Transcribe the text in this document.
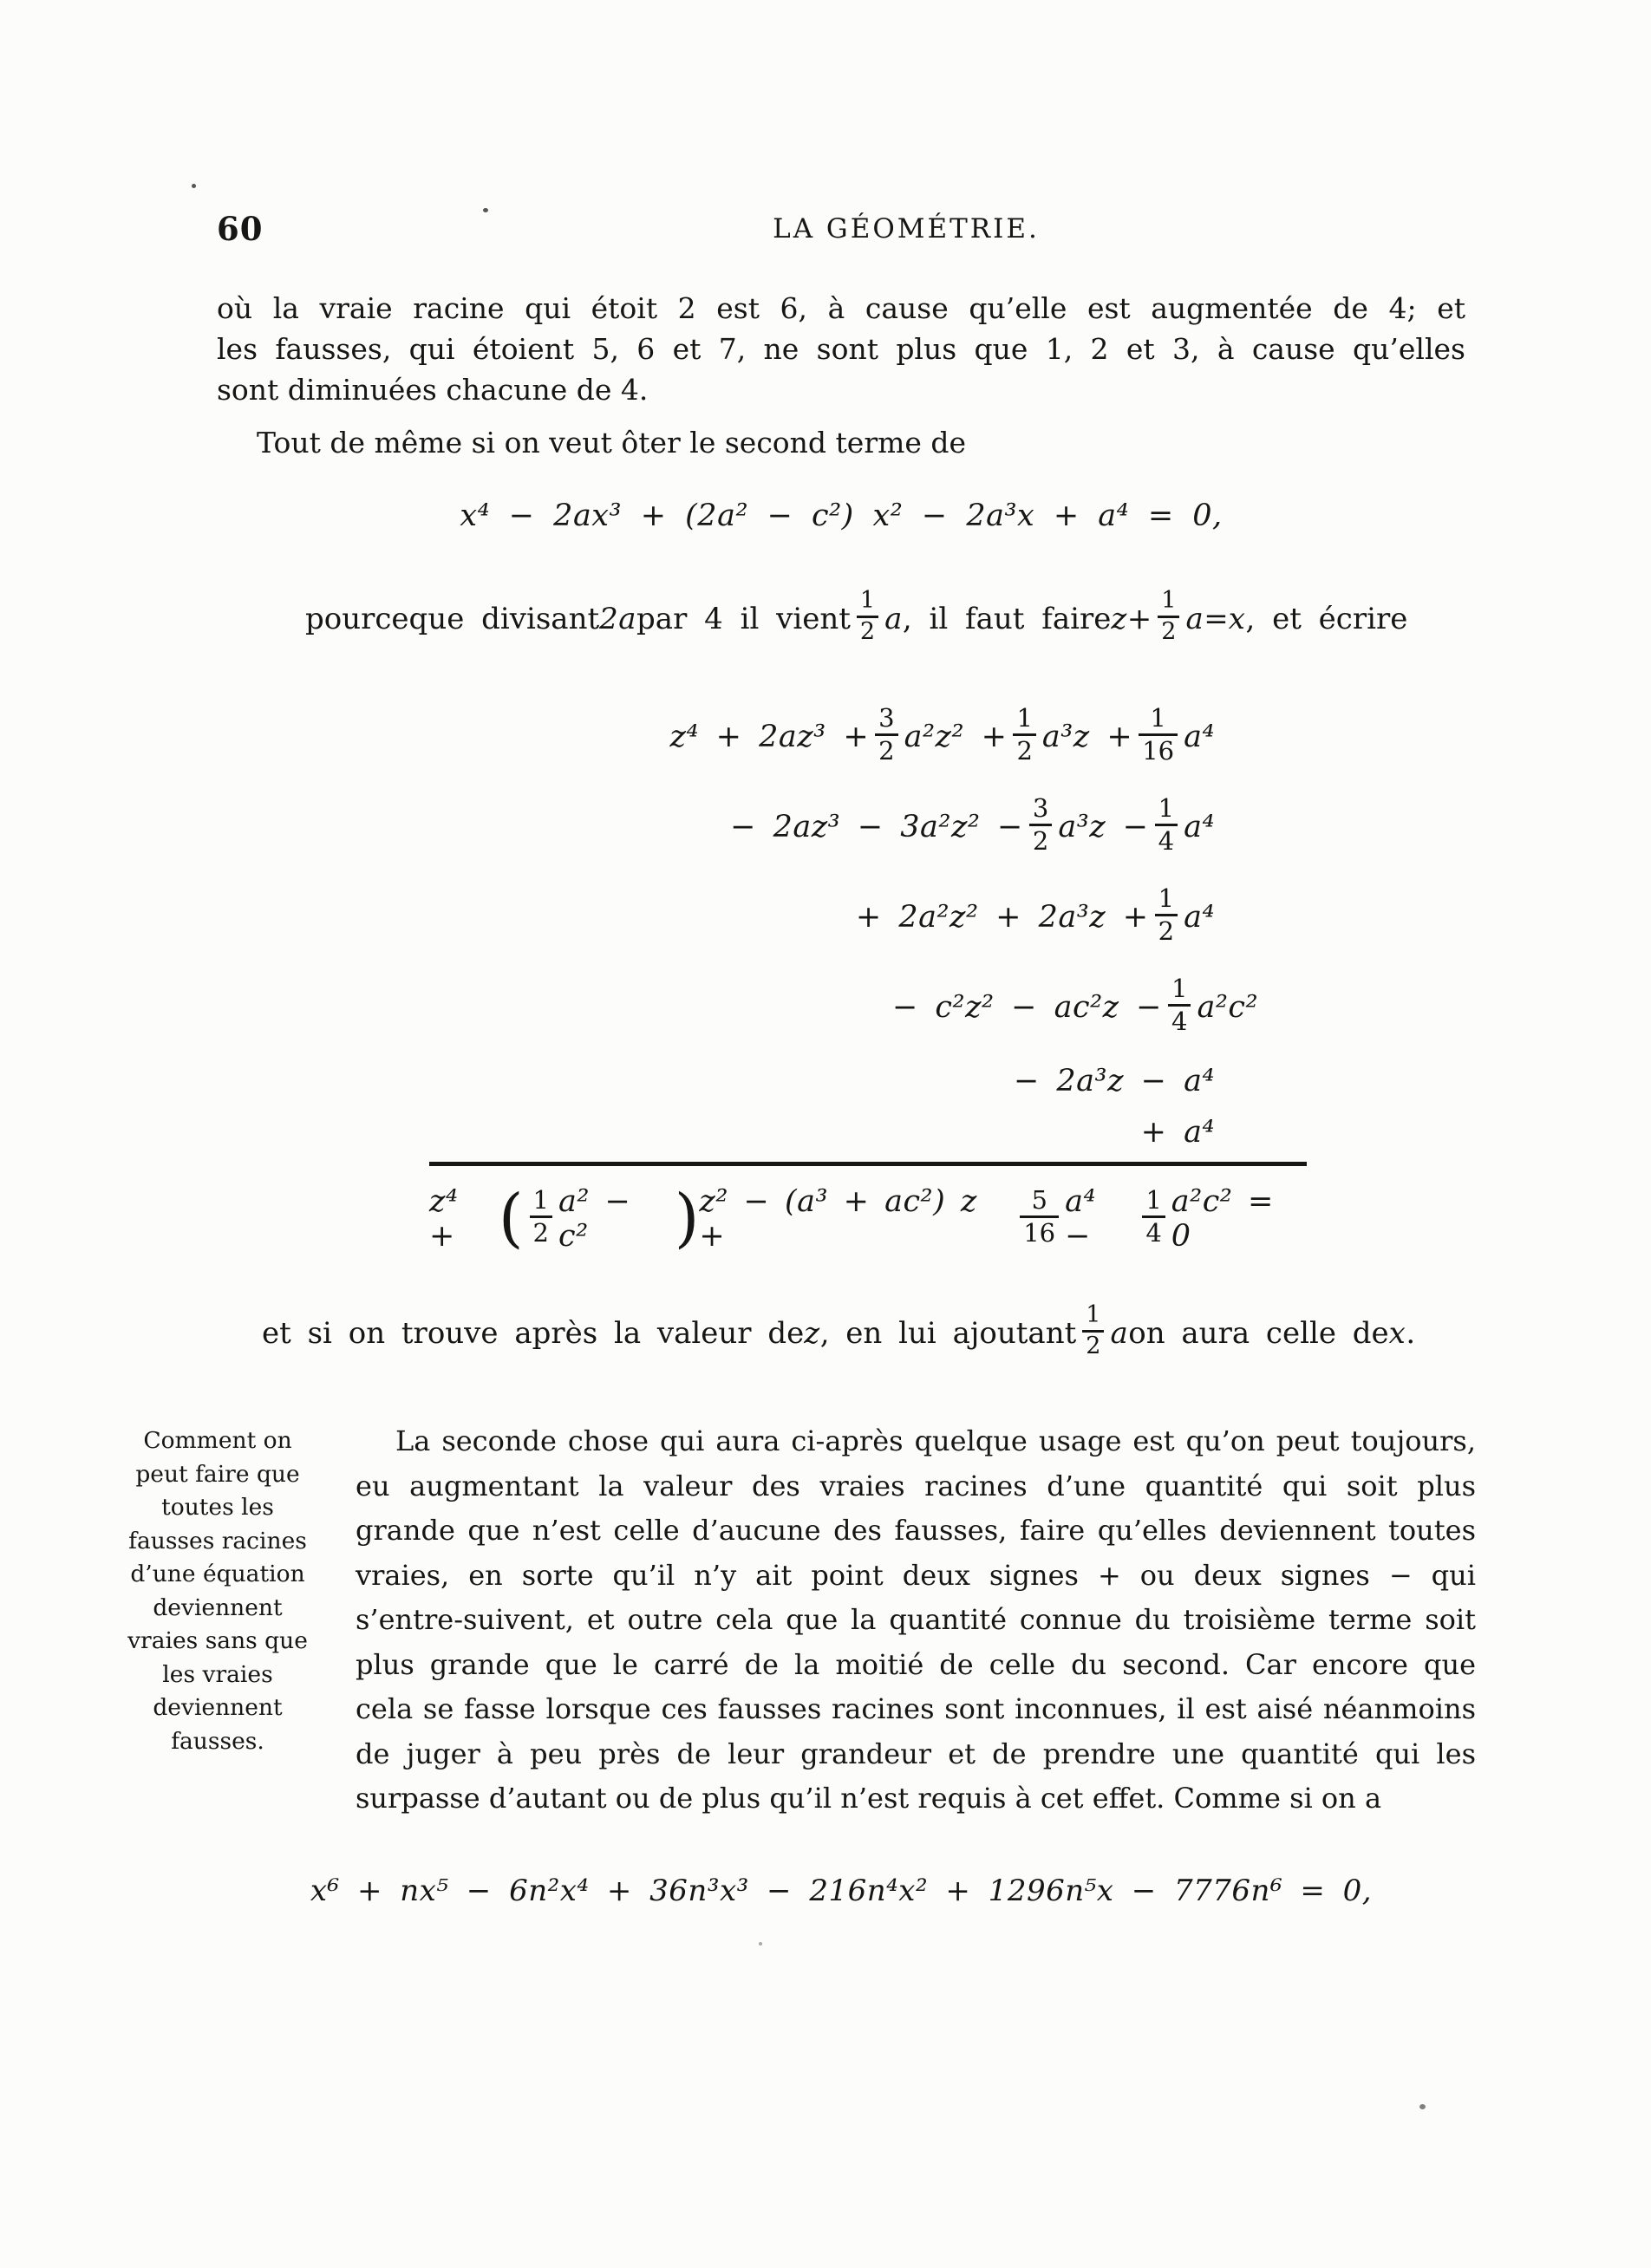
60	LA GÉOMÉTRIE.
où la vraie racine qui étoit 2 est 6, à cause qu’elle est augmentée de 4; et
les fausses, qui étoient 5, 6 et 7, ne sont plus que 1, 2 et 3, à cause qu’elles
sont diminuées chacune de 4.
Tout de même si on veut ôter le second terme de
x⁴ − 2ax³ + (2a² − c²) x² − 2a³x + a⁴ = 0,
pourceque divisant 2a par 4 il vient $\frac{1}{2}$ a , il faut faire $z + \frac{1}{2}$ a = x , et écrire
$z^4 + 2az^3 + \frac{3}{2} a^2z^2 + \frac{1}{2} a^3z + \frac{1}{16} a^4$
− $2az^3 - 3a^2z^2 - \frac{3}{2} a^3z - \frac{1}{4} a^4$
+ $2a^2z^2 + 2a^3z + \frac{1}{2} a^4$
− $c^2z^2 - ac^2z - \frac{1}{4} a^2c^2$
− 2a³z − a⁴
+ a⁴
z⁴ + ( $\frac{1}{2} a^2 - c^2$	) z² − (a³ + ac²) z +	$\frac{5}{16} a^4$ −	$\frac{1}{4} a^2c^2 = 0$
et si on trouve après la valeur de z , en lui ajoutant $\frac{1}{2}$ a on aura celle de x .
Comment on
peut faire que
toutes les
fausses racines
d’une équation
deviennent
vraies sans que
les vraies
deviennent
fausses.
La seconde chose qui aura ci-après quelque usage est qu’on peut toujours,
eu augmentant la valeur des vraies racines d’une quantité qui soit plus
grande que n’est celle d’aucune des fausses, faire qu’elles deviennent toutes
vraies, en sorte qu’il n’y ait point deux signes + ou deux signes − qui
s’entre-suivent, et outre cela que la quantité connue du troisième terme soit
plus grande que le carré de la moitié de celle du second. Car encore que
cela se fasse lorsque ces fausses racines sont inconnues, il est aisé néanmoins
de juger à peu près de leur grandeur et de prendre une quantité qui les
surpasse d’autant ou de plus qu’il n’est requis à cet effet. Comme si on a
x⁶ + nx⁵ − 6n²x⁴ + 36n³x³ − 216n⁴x² + 1296n⁵x − 7776n⁶ = 0,
